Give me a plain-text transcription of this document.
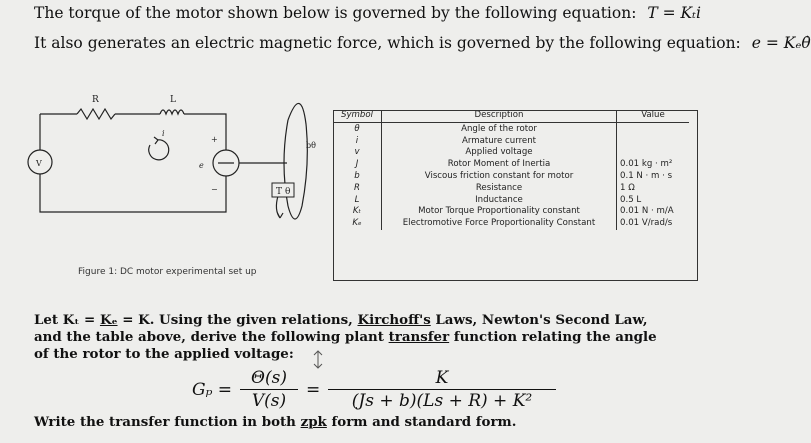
The torque of the motor shown below is governed by the following equation: T = Kₜi
It also generates an electric magnetic force, which is governed by the following equation: e = Kₑθ̇
R	L
i
+
−
e
V
bθ
T θ
Figure 1: DC motor experimental set up
Symbol	Description	Value
θ	Angle of the rotor	
i	Armature current	
v	Applied voltage	
J	Rotor Moment of Inertia	0.01 kg · m²
b	Viscous friction constant for motor	0.1 N · m · s
R	Resistance	1 Ω
L	Inductance	0.5 L
Kₜ	Motor Torque Proportionality constant	0.01 N · m/A
Kₑ	Electromotive Force Proportionality Constant	0.01 V/rad/s
Let Kₜ = Kₑ = K. Using the given relations, Kirchoff's Laws, Newton's Second Law, and the table above, derive the following plant transfer function relating the angle of the rotor to the applied voltage:
Gₚ =
Θ(s)
V(s)
=
K
(Js + b)(Ls + R) + K²
Write the transfer function in both zpk form and standard form.
